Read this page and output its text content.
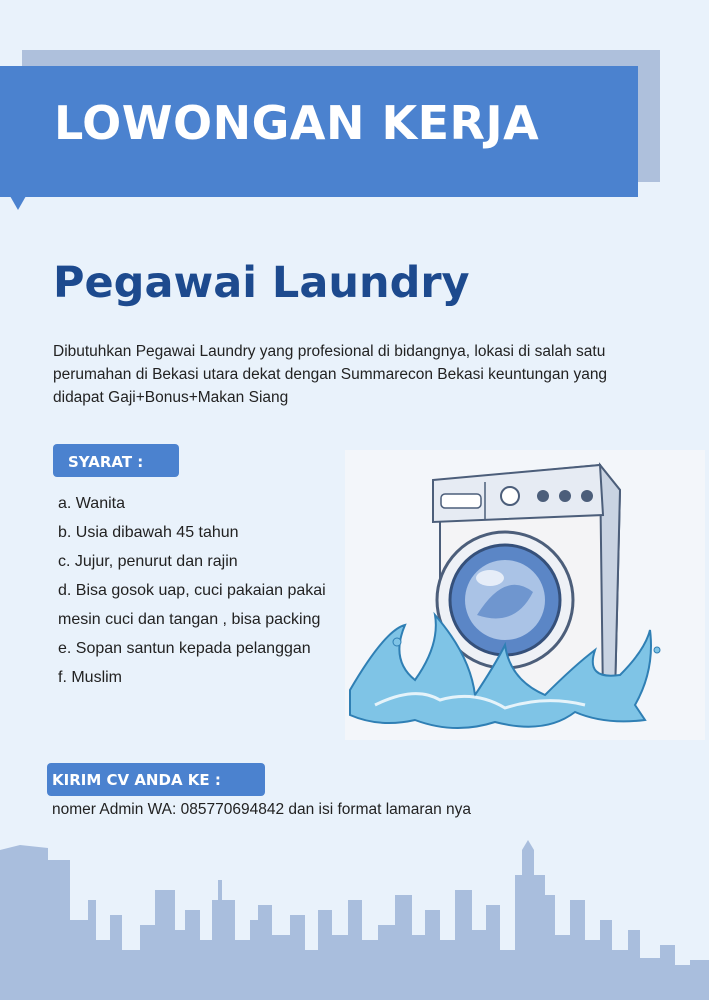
LOWONGAN KERJA
Pegawai Laundry

Dibutuhkan Pegawai Laundry yang profesional di bidangnya, lokasi di salah satu perumahan di Bekasi utara dekat dengan Summarecon Bekasi keuntungan yang didapat Gaji+Bonus+Makan Siang

SYARAT :
a. Wanita
b. Usia dibawah 45 tahun
c. Jujur, penurut dan rajin
d. Bisa gosok uap, cuci pakaian pakai mesin cuci dan tangan , bisa packing
e. Sopan santun kepada pelanggan
f. Muslim
KIRIM CV ANDA KE :

nomer Admin WA: 085770694842 dan isi format lamaran nya
